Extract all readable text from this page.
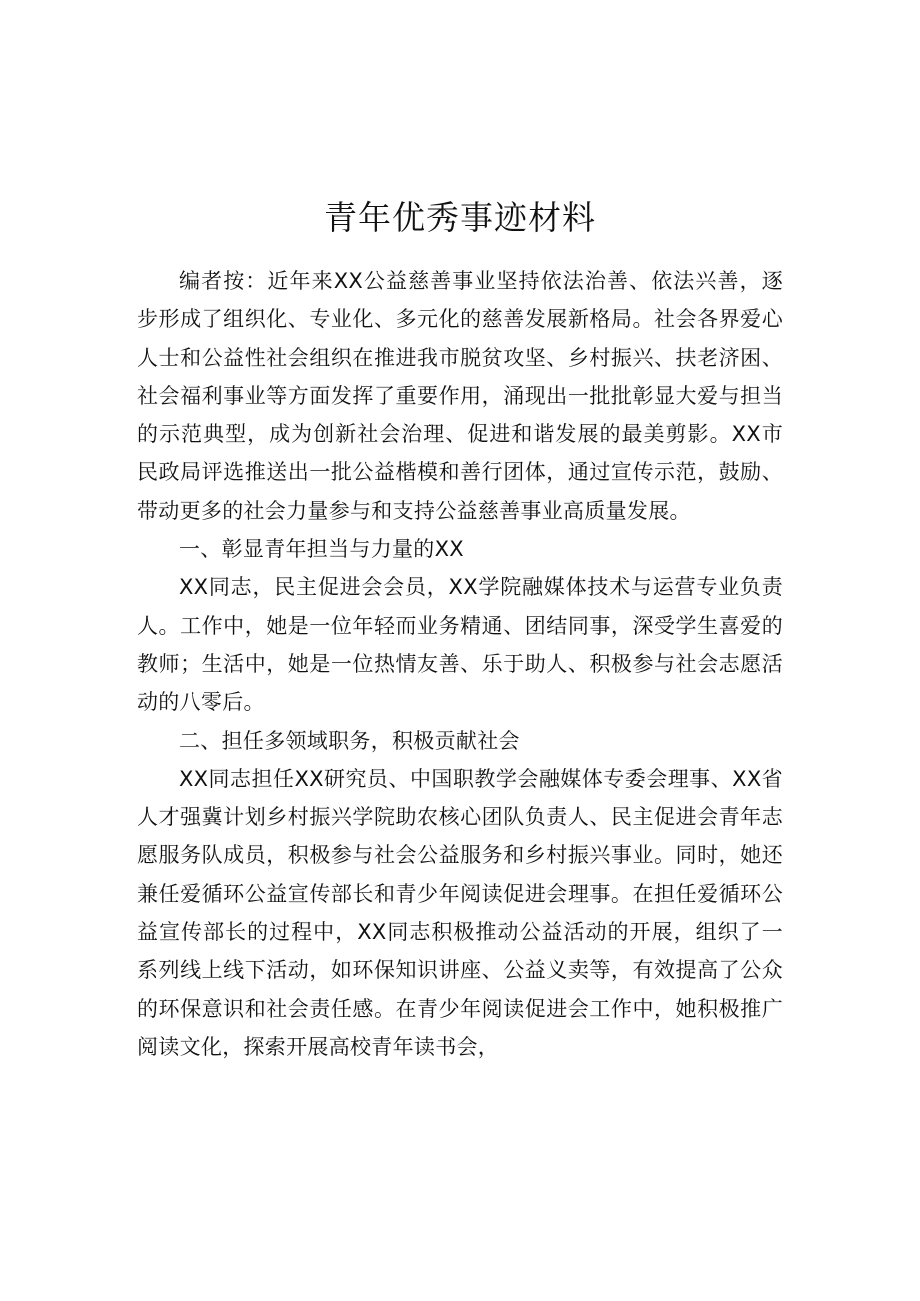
青年优秀事迹材料

编者按：近年来XX公益慈善事业坚持依法治善、依法兴善，逐步形成了组织化、专业化、多元化的慈善发展新格局。社会各界爱心人士和公益性社会组织在推进我市脱贫攻坚、乡村振兴、扶老济困、社会福利事业等方面发挥了重要作用，涌现出一批批彰显大爱与担当的示范典型，成为创新社会治理、促进和谐发展的最美剪影。XX市民政局评选推送出一批公益楷模和善行团体，通过宣传示范，鼓励、带动更多的社会力量参与和支持公益慈善事业高质量发展。

一、彰显青年担当与力量的XX

XX同志，民主促进会会员，XX学院融媒体技术与运营专业负责人。工作中，她是一位年轻而业务精通、团结同事，深受学生喜爱的教师；生活中，她是一位热情友善、乐于助人、积极参与社会志愿活动的八零后。

二、担任多领域职务，积极贡献社会

XX同志担任XX研究员、中国职教学会融媒体专委会理事、XX省人才强冀计划乡村振兴学院助农核心团队负责人、民主促进会青年志愿服务队成员，积极参与社会公益服务和乡村振兴事业。同时，她还兼任爱循环公益宣传部长和青少年阅读促进会理事。在担任爱循环公益宣传部长的过程中，XX同志积极推动公益活动的开展，组织了一系列线上线下活动，如环保知识讲座、公益义卖等，有效提高了公众的环保意识和社会责任感。在青少年阅读促进会工作中，她积极推广阅读文化，探索开展高校青年读书会，
